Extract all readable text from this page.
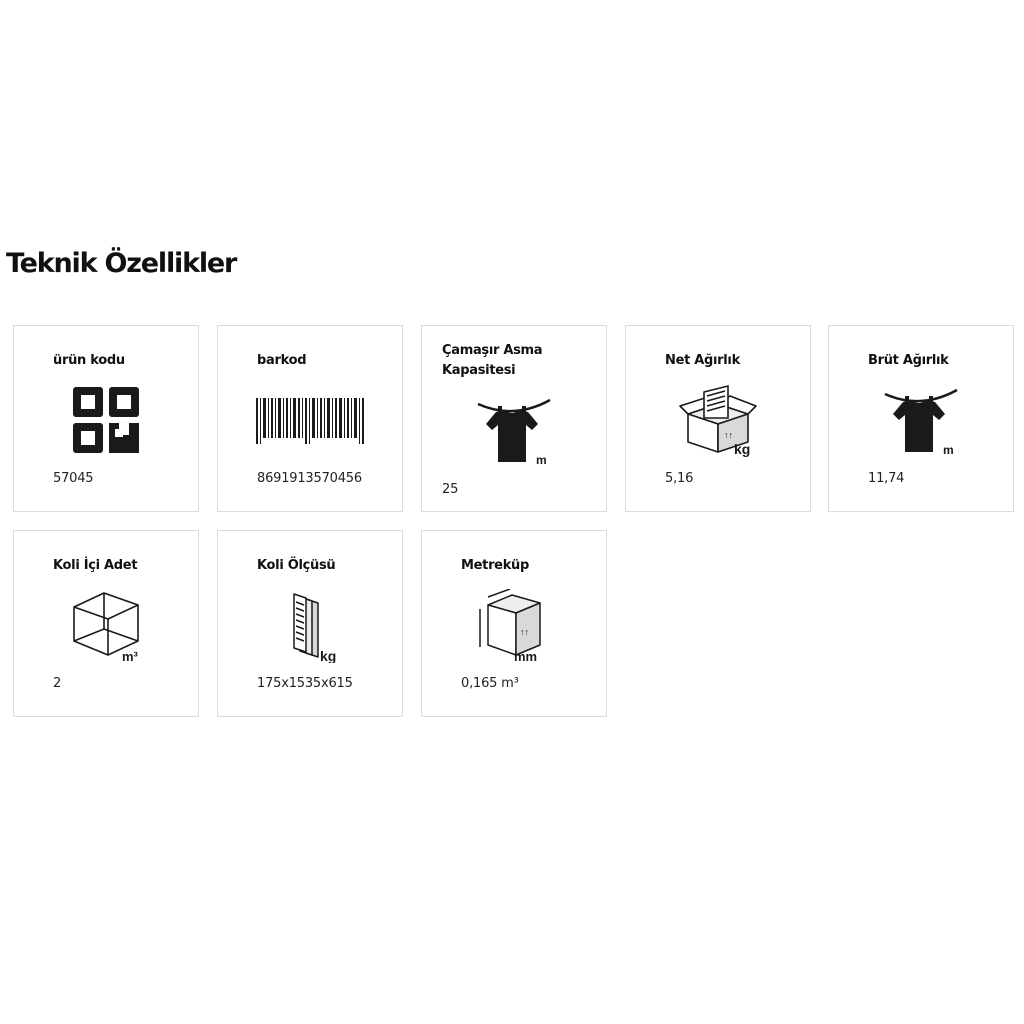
Teknik Özellikler
ürün kodu
57045
barkod
8691913570456
Çamaşır Asma Kapasitesi
m
25
Net Ağırlık
↑↑
kg
5,16
Brüt Ağırlık
m
11,74
Koli İçi Adet
m³
2
Koli Ölçüsü
kg
175x1535x615
Metreküp
↑↑
mm
0,165 m³
